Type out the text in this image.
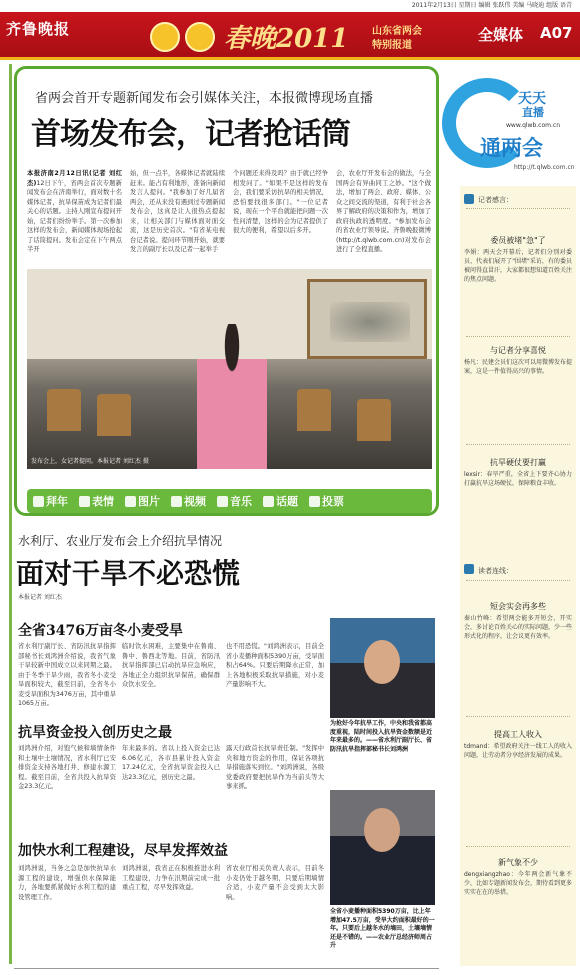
2011年2月13日 星期日 编辑 张跃伟 美编 马晓迪 组版 语青
齐鲁晚报	春晚2011 山东省两会
特别报道
全媒体 A07
省两会首开专题新闻发布会引媒体关注，本报微博现场直播
首场发布会，记者抢话筒
本报济南2月12日讯(记者 刘红杰)12日下午，省两会首次专题新闻发布会在济南举行，面对数十名媒体记者，抗旱保苗成为记者们最关心的话题。主持人刚宣布提问开始，记者们纷纷举手。第一次参加这样的发布会，新闻媒体现场抢起了话筒提问。发布会定在下午两点半开
始，但一点半，各媒体记者就陆续赶来。能占有利地形，准备向新闻发言人提问。"我参加了好几届省两会，还从来没有遇到过专题新闻发布会，这真是让人很热点提起来，让相关部门与媒体面对面交流，这是历史首次。"有省某电视台记者说。提问环节刚开始，就要发言的副厅长以及记者一起举手
个问题还来得及吗？由于就已经争相发问了。"如果不是这样的发布会，我们要采访抗旱的相关情况，恐怕要找很多部门。"一位记者说，现在一个平台就能把问题一次性问清楚，这样的会为记者提供了很大的便利，希望以后多开。
会，农业厅开发布会的做法，与全国两会有异曲同工之妙。"这个做法，增加了两会、政府、媒体、公众之间交流的渠道，有利于社会各界了解政府的决策和作为，增加了政府执政的透明度。"参加发布会的省农业厅领导说。齐鲁晚报微博(http://t.qlwb.com.cn)对发布会进行了全程直播。
发布会上，女记者提问。本报记者 刘红杰 摄
拜年 表情 图片 视频 音乐 话题 投票
天天
直播
www.qlwb.com.cn
通两会
http://t.qlwb.com.cn
记者感言：
委员被堵"急"了
李娟：两天会开幕后，记者们分别对委员、代表们展开了"围堵"采访，有的委员被问得直冒汗，大家都很想知道百姓关注的焦点问题。
与记者分享喜悦
杨凡：民建会员们这次可以用微博发布提案，这是一件值得高兴的事情。
抗旱硬仗要打赢
lexsir：春旱严重，全省上下要齐心协力打赢抗旱这场硬仗，保障粮食丰收。
读者连线：
短会实会再多些
秦山竹峰：希望两会能多开短会、开实会，多讨论百姓关心的实际问题，少一些形式化的程序，让会议更有效率。
提高工人收入
tdmand：希望政府关注一线工人的收入问题，让劳动者分享经济发展的成果。
新气象不少
dengxiangzhao：今年两会新气象不少，比如专题新闻发布会，期待看到更多实实在在的举措。
水利厅、农业厅发布会上介绍抗旱情况
面对干旱不必恐慌
本报记者 刘红杰
全省3476万亩冬小麦受旱
省水利厅副厅长、省防汛抗旱指挥部秘书长刘鸿洲介绍说，我省气象干旱较新中国成立以来同期之最。由于冬季干旱少雨，我省冬小麦受旱面积较大，截至目前，全省冬小麦受旱面积为3476万亩，其中重旱1065万亩。
临时饮水困难，主要集中在鲁南、鲁中、鲁西北等地。目前，省防汛抗旱指挥部已启动抗旱应急响应，各地正全力组织抗旱保苗，确保群众饮水安全。
也不用恐慌。"刘鸿洲表示，目前全省小麦播种面积5390万亩，受旱面积占64%。只要后期降水正常，加上各地积极采取抗旱措施，对小麦产量影响不大。
抗旱资金投入创历史之最
刘鸿洲介绍，对饱气候和墒情条件和土壤中土壤情况，省水利厅已安排资金支持各地打井、修建水源工程。截至目前，全省共投入抗旱资金23.3亿元。
年来最多的。省以上投入资金已达6.06亿元，各市县累计投入资金17.24亿元，全省抗旱资金投入已达23.3亿元，创历史之最。
露天行政首长抗旱责任制。"发挥中央和地方资金的作用，保证各项抗旱措施落实到位。"刘鸿洲说，各级党委政府要把抗旱作为当前头等大事来抓。
加快水利工程建设，尽早发挥效益
刘鸿洲说，当务之急是加快抗旱水源工程的建设，增强供水保障能力，各地要抓紧做好水利工程的建设管理工作。
刘鸿洲说，我省正在积极推进水利工程建设，力争在汛期前完成一批重点工程，尽早发挥效益。
省农业厅相关负责人表示，目前冬小麦仍处于越冬期，只要后期墒情合适，小麦产量不会受到太大影响。
为抢好今年抗旱工作，中央和我省都高度重视，陆时间投入抗旱资金数额是近年来最多的。——省水利厅副厅长、省防汛抗旱指挥部秘书长刘鸿洲
全省小麦播种面积5390万亩，比上年增加47.5万亩，受旱大约面积最好的一年。只要后上越冬水的墒田，土壤墒情还是不错的。——农业厅总经济师周占升
